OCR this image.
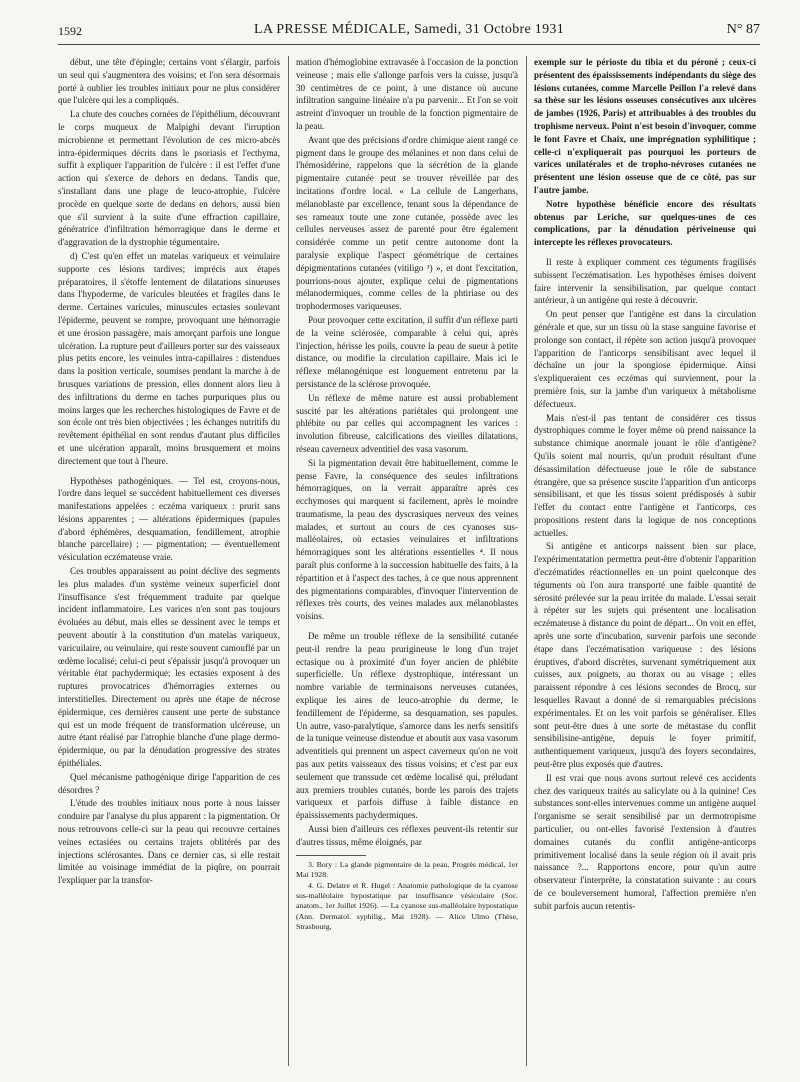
1592	LA PRESSE MÉDICALE, Samedi, 31 Octobre 1931	N° 87

début, une tête d'épingle; certains vont s'élargir, parfois un seul qui s'augmentera des voisins; et l'on sera désormais porté à oublier les troubles initiaux pour ne plus considérer que l'ulcère qui les a compliqués.

La chute des couches cornées de l'épithélium, découvrant le corps muqueux de Malpighi devant l'irruption microbienne et permettant l'évolution de ces micro-abcès intra-épidermiques décrits dans le psoriasis et l'ecthyma, suffit à expliquer l'apparition de l'ulcère : il est l'effet d'une action qui s'exerce de dehors en dedans. Tandis que, s'installant dans une plage de leuco-atrophie, l'ulcère procède en quelque sorte de dedans en dehors, aussi bien que s'il survient à la suite d'une effraction capillaire, génératrice d'infiltration hémorragique dans le derme et d'aggravation de la dystrophie tégumentaire.

d) C'est qu'en effet un matelas variqueux et veinulaire supporte ces lésions tardives; imprécis aux étapes préparatoires, il s'étoffe lentement de dilatations sinueuses dans l'hypoderme, de varicules bleutées et fragiles dans le derme. Certaines varicules, minuscules ectasies soulevant l'épiderme, peuvent se rompre, provoquant une hémorragie et une érosion passagère, mais amorçant parfois une longue ulcération. La rupture peut d'ailleurs porter sur des vaisseaux plus petits encore, les veinules intra-capillaires : distendues dans la position verticale, soumises pendant la marche à de brusques variations de pression, elles donnent alors lieu à des infiltrations du derme en taches purpuriques plus ou moins larges que les recherches histologiques de Favre et de son école ont très bien objectivées ; les échanges nutritifs du revêtement épithélial en sont rendus d'autant plus difficiles et une ulcération apparaît, moins brusquement et moins directement que tout à l'heure.

Hypothèses pathogéniques. — Tel est, croyons-nous, l'ordre dans lequel se succèdent habituellement ces diverses manifestations appelées : eczéma variqueux : prurit sans lésions apparentes ; — altérations épidermiques (papules d'abord éphémères, desquamation, fendillement, atrophie blanche parcellaire) ; — pigmentation; — éventuellement vésiculation eczémateuse vraie.

Ces troubles apparaissent au point déclive des segments les plus malades d'un système veineux superficiel dont l'insuffisance s'est fréquemment traduite par quelque incident inflammatoire. Les varices n'en sont pas toujours évoluées au début, mais elles se dessinent avec le temps et peuvent aboutir à la constitution d'un matelas variqueux, varicuilaire, ou veinulaire, qui reste souvent camouflé par un œdème localisé; celui-ci peut s'épaissir jusqu'à provoquer un véritable état pachydermique; les ectasies exposent à des ruptures provocatrices d'hémorragies externes ou interstitielles. Directement ou après une étape de nécrose épidermique, ces dernières causent une perte de substance qui est un mode fréquent de transformation ulcéreuse, un autre étant réalisé par l'atrophie blanche d'une plage dermo-épidermique, ou par la dénudation progressive des strates épithéliales.

Quel mécanisme pathogénique dirige l'apparition de ces désordres ?

L'étude des troubles initiaux nous porte à nous laisser conduire par l'analyse du plus apparent : la pigmentation. Or nous retrouvons celle-ci sur la peau qui recouvre certaines veines ectasiées ou certains trajets oblitérés par des injections sclérosantes. Dans ce dernier cas, si elle restait limitée au voisinage immédiat de la piqûre, on pourrait l'expliquer par la transfor-

mation d'hémoglobine extravasée à l'occasion de la ponction veineuse ; mais elle s'allonge parfois vers la cuisse, jusqu'à 30 centimètres de ce point, à une distance où aucune infiltration sanguine linéaire n'a pu parvenir... Et l'on se voit astreint d'invoquer un trouble de la fonction pigmentaire de la peau.

Avant que des précisions d'ordre chimique aient rangé ce pigment dans le groupe des mélanines et non dans celui de l'hémosidérine, rappelons que la sécrétion de la glande pigmentaire cutanée peut se trouver réveillée par des incitations d'ordre local. « La cellule de Langerhans, mélanoblaste par excellence, tenant sous la dépendance de ses rameaux toute une zone cutanée, possède avec les cellules nerveuses assez de parenté pour être également considérée comme un petit centre autonome dont la paralysie explique l'aspect géométrique de certaines dépigmentations cutanées (vitiligo ³) », et dont l'excitation, pourrions-nous ajouter, explique celui de pigmentations mélanodermiques, comme celles de la phtiriase ou des trophodermoses variqueuses.

Pour provoquer cette excitation, il suffit d'un réflexe parti de la veine sclérosée, comparable à celui qui, après l'injection, hérisse les poils, couvre la peau de sueur à petite distance, ou modifie la circulation capillaire. Mais ici le réflexe mélanogénique est longuement entretenu par la persistance de la sclérose provoquée.

Un réflexe de même nature est aussi probablement suscité par les altérations pariétales qui prolongent une phlébite ou par celles qui accompagnent les varices : involution fibreuse, calcifications des vieilles dilatations, réseau caverneux adventitiel des vasa vasorum.

Si la pigmentation devait être habituellement, comme le pense Favre, la conséquence des seules infiltrations hémorragiques, on la verrait apparaître après ces ecchymoses qui marquent si facilement, après le moindre traumatisme, la peau des dyscrasiques nerveux des veines malades, et surtout au cours de ces cyanoses sus-malléolaires, où ectasies veinulaires et infiltrations hémorragiques sont les altérations essentielles ⁴. Il nous paraît plus conforme à la succession habituelle des faits, à la répartition et à l'aspect des taches, à ce que nous apprennent des pigmentations comparables, d'invoquer l'intervention de réflexes très courts, des veines malades aux mélanoblastes voisins.

De même un trouble réflexe de la sensibilité cutanée peut-il rendre la peau prurigineuse le long d'un trajet ectasique ou à proximité d'un foyer ancien de phlébite superficielle. Un réflexe dystrophique, intéressant un nombre variable de terminaisons nerveuses cutanées, explique les aires de leuco-atrophie du derme, le fendillement de l'épiderme, sa desquamation, ses papules. Un autre, vaso-paralytique, s'amorce dans les nerfs sensitifs de la tunique veineuse distendue et aboutit aux vasa vasorum adventitiels qui prennent un aspect caverneux qu'on ne voit pas aux petits vaisseaux des tissus voisins; et c'est par eux seulement que transsude cet œdème localisé qui, préludant aux premiers troubles cutanés, borde les parois des trajets variqueux et parfois diffuse à faible distance en épaississements pachydermiques.

Aussi bien d'ailleurs ces réflexes peuvent-ils retentir sur d'autres tissus, même éloignés, par

3. Bory : La glande pigmentaire de la peau, Progrès médical, 1er Mai 1928.

4. G. Delatre et R. Hugel : Anatomie pathologique de la cyanose sus-malléolaire hypostatique par insuffisance vésiculaire (Soc. anatom., 1er Juillet 1926). — La cyanose sus-malléolaire hypostatique (Ann. Dermatol. syphilig., Mai 1928). — Alice Ulmo (Thèse, Strasbourg,

exemple sur le périoste du tibia et du péroné ; ceux-ci présentent des épaississements indépendants du siège des lésions cutanées, comme Marcelle Peillon l'a relevé dans sa thèse sur les lésions osseuses consécutives aux ulcères de jambes (1926, Paris) et attribuables à des troubles du trophisme nerveux. Point n'est besoin d'invoquer, comme le font Favre et Chaix, une imprégnation syphilitique ; celle-ci n'expliquerait pas pourquoi les porteurs de varices unilatérales et de tropho-névroses cutanées ne présentent une lésion osseuse que de ce côté, pas sur l'autre jambe.

Notre hypothèse bénéficie encore des résultats obtenus par Leriche, sur quelques-unes de ces complications, par la dénudation périveineuse qui intercepte les réflexes provocateurs.

Il reste à expliquer comment ces téguments fragilisés subissent l'eczématisation. Les hypothèses émises doivent faire intervenir la sensibilisation, par quelque contact antérieur, à un antigène qui reste à découvrir.

On peut penser que l'antigène est dans la circulation générale et que, sur un tissu où la stase sanguine favorise et prolonge son contact, il répète son action jusqu'à provoquer l'apparition de l'anticorps sensibilisant avec lequel il déchaîne un jour la spongiose épidermique. Ainsi s'expliqueraient ces eczémas qui surviennent, pour la première fois, sur la jambe d'un variqueux à métabolisme défectueux.

Mais n'est-il pas tentant de considérer ces tissus dystrophiques comme le foyer même où prend naissance la substance chimique anormale jouant le rôle d'antigène? Qu'ils soient mal nourris, qu'un produit résultant d'une désassimilation défectueuse joue le rôle de substance étrangère, que sa présence suscite l'apparition d'un anticorps sensibilisant, et que les tissus soient prédisposés à subir l'effet du contact entre l'antigène et l'anticorps, ces propositions restent dans la logique de nos conceptions actuelles.

Si antigène et anticorps naissent bien sur place, l'expérimentatation permettra peut-être d'obtenir l'apparition d'eczématides réactionnelles en un point quelconque des téguments où l'on aura transporté une faible quantité de sérosité prélevée sur la peau irritée du malade. L'essai serait à répéter sur les sujets qui présentent une localisation eczémateuse à distance du point de départ... On voit en effet, après une sorte d'incubation, survenir parfois une seconde étape dans l'eczématisation variqueuse : des lésions éruptives, d'abord discrètes, survenant symétriquement aux cuisses, aux poignets, au thorax ou au visage ; elles paraissent répondre à ces lésions secondes de Brocq, sur lesquelles Ravaut a donné de si remarquables précisions expérimentales. Et on les voit parfois se généraliser. Elles sont peut-être dues à une sorte de métastase du conflit sensibilisine-antigène, depuis le foyer primitif, authentiquement variqueux, jusqu'à des foyers secondaires, peut-être plus exposés que d'autres.

Il est vrai que nous avons surtout relevé ces accidents chez des variqueux traités au salicylate ou à la quinine! Ces substances sont-elles intervenues comme un antigène auquel l'organisme se serait sensibilisé par un dermotropisme particulier, ou ont-elles favorisé l'extension à d'autres domaines cutanés du conflit antigène-anticorps primitivement localisé dans la seule région où il avait pris naissance ?... Rapportons encore, pour qu'un autre observateur l'interprète, la constatation suivante : au cours de ce bouleversement humoral, l'affection première n'en subit parfois aucun retentis-
